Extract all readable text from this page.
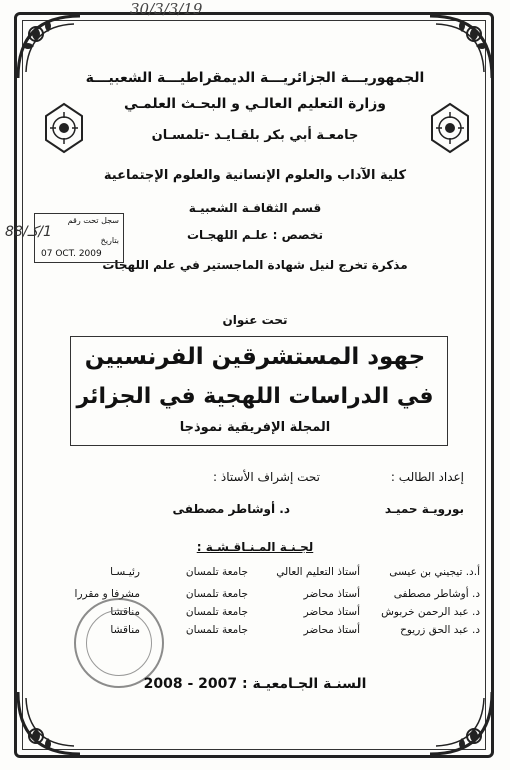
30/3/3/19
الجمهوريـــة الجزائريـــة الديمقراطيـــة الشعبيـــة
وزارة التعليم العالـي و البحـث العلمـي
جامعـة أبي بكر بلقـايـد -تلمسـان
كلية الآداب والعلوم الإنسانية والعلوم الإجتماعية
قسم الثقافـة الشعبيـة
تخصص : علـم اللهجـات
مذكرة تخرج لنيل شهادة الماجستير في علم اللهجات
تحت عنوان
سجل تحت رقم
1/كـ/88
بتاريخ
07 OCT. 2009
جهود المستشرقين الفرنسيين
في الدراسات اللهجية في الجزائر
المجلة الإفريقية نموذجا
إعداد الطالب :
تحت إشراف الأستاذ :
بورويـة حميـد
د. أوشاطر مصطفى
لجـنـة المـنـاقـشـة :
أ.د. تيجيني بن عيسى
أستاذ التعليم العالي
جامعة تلمسان
رئيـسـا
د. أوشاطر مصطفى
أستاذ محاضر
جامعة تلمسان
مشرفا و مقررا
د. عبد الرحمن خربوش
أستاذ محاضر
جامعة تلمسان
مناقشا
د. عبد الحق زريوح
أستاذ محاضر
جامعة تلمسان
مناقشا
السنـة الجـامعيـة : 2007 - 2008
